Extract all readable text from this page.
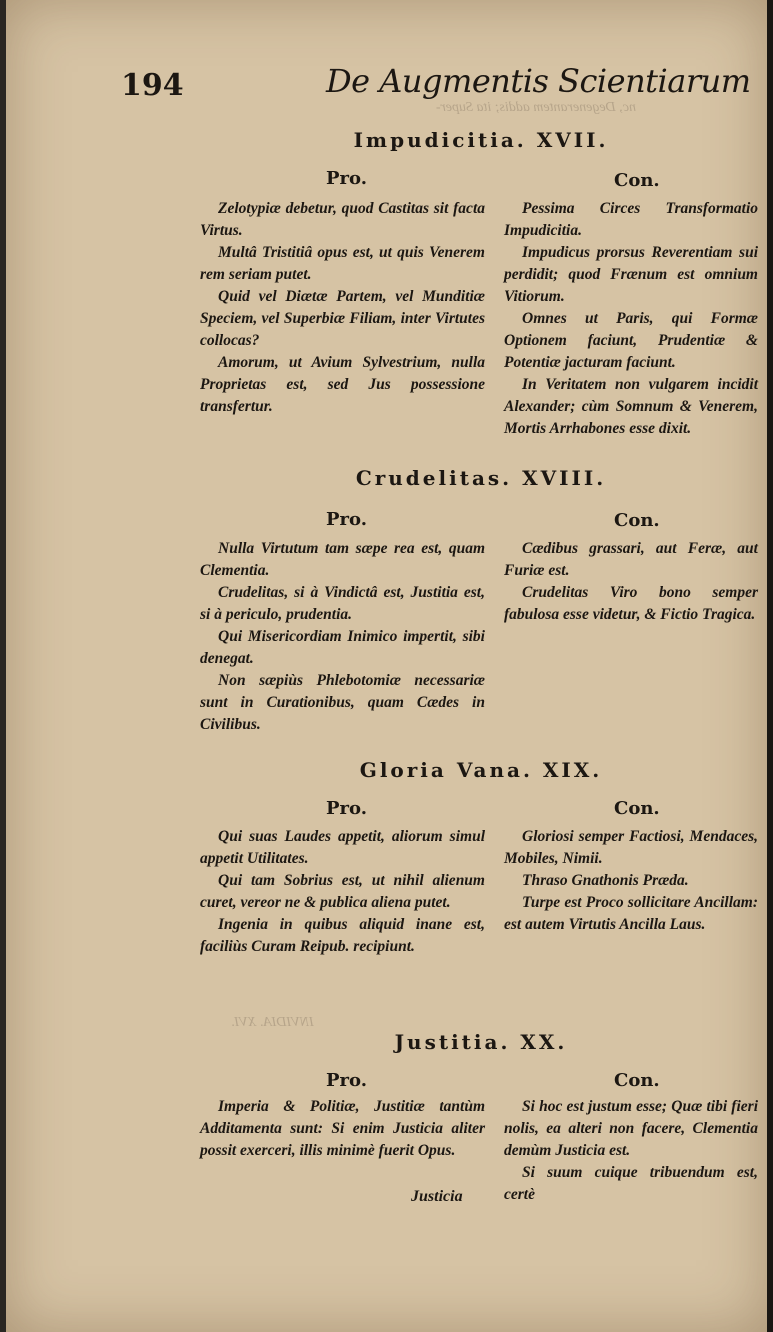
nc, Degenerantem addis; ita Super-
INVIDIA. XVI.
194	De Augmentis Scientiarum
Impudicitia. XVII.
Pro.	Con.

Zelotypiæ debetur, quod Castitas sit facta Virtus.

Multâ Tristitiâ opus est, ut quis Venerem rem seriam putet.

Quid vel Diætæ Partem, vel Munditiæ Speciem, vel Superbiæ Filiam, inter Virtutes collocas?

Amorum, ut Avium Sylvestrium, nulla Proprietas est, sed Jus possessione transfertur.

Pessima Circes Transformatio Impudicitia.

Impudicus prorsus Reverentiam sui perdidit; quod Frænum est omnium Vitiorum.

Omnes ut Paris, qui Formæ Optionem faciunt, Prudentiæ & Potentiæ jacturam faciunt.

In Veritatem non vulgarem incidit Alexander; cùm Somnum & Venerem, Mortis Arrhabones esse dixit.

Crudelitas. XVIII.
Pro.	Con.

Nulla Virtutum tam sæpe rea est, quam Clementia.

Crudelitas, si à Vindictâ est, Justitia est, si à periculo, prudentia.

Qui Misericordiam Inimico impertit, sibi denegat.

Non sæpiùs Phlebotomiæ necessariæ sunt in Curationibus, quam Cædes in Civilibus.

Cædibus grassari, aut Feræ, aut Furiæ est.

Crudelitas Viro bono semper fabulosa esse videtur, & Fictio Tragica.

Gloria Vana. XIX.
Pro.	Con.

Qui suas Laudes appetit, aliorum simul appetit Utilitates.

Qui tam Sobrius est, ut nihil alienum curet, vereor ne & publica aliena putet.

Ingenia in quibus aliquid inane est, faciliùs Curam Reipub. recipiunt.

Gloriosi semper Factiosi, Mendaces, Mobiles, Nimii.

Thraso Gnathonis Præda.

Turpe est Proco sollicitare Ancillam: est autem Virtutis Ancilla Laus.

Justitia. XX.
Pro.	Con.

Imperia & Politiæ, Justitiæ tantùm Additamenta sunt: Si enim Justicia aliter possit exerceri, illis minimè fuerit Opus.

Si hoc est justum esse; Quæ tibi fieri nolis, ea alteri non facere, Clementia demùm Justicia est.

Si suum cuique tribuendum est, certè

Justicia
